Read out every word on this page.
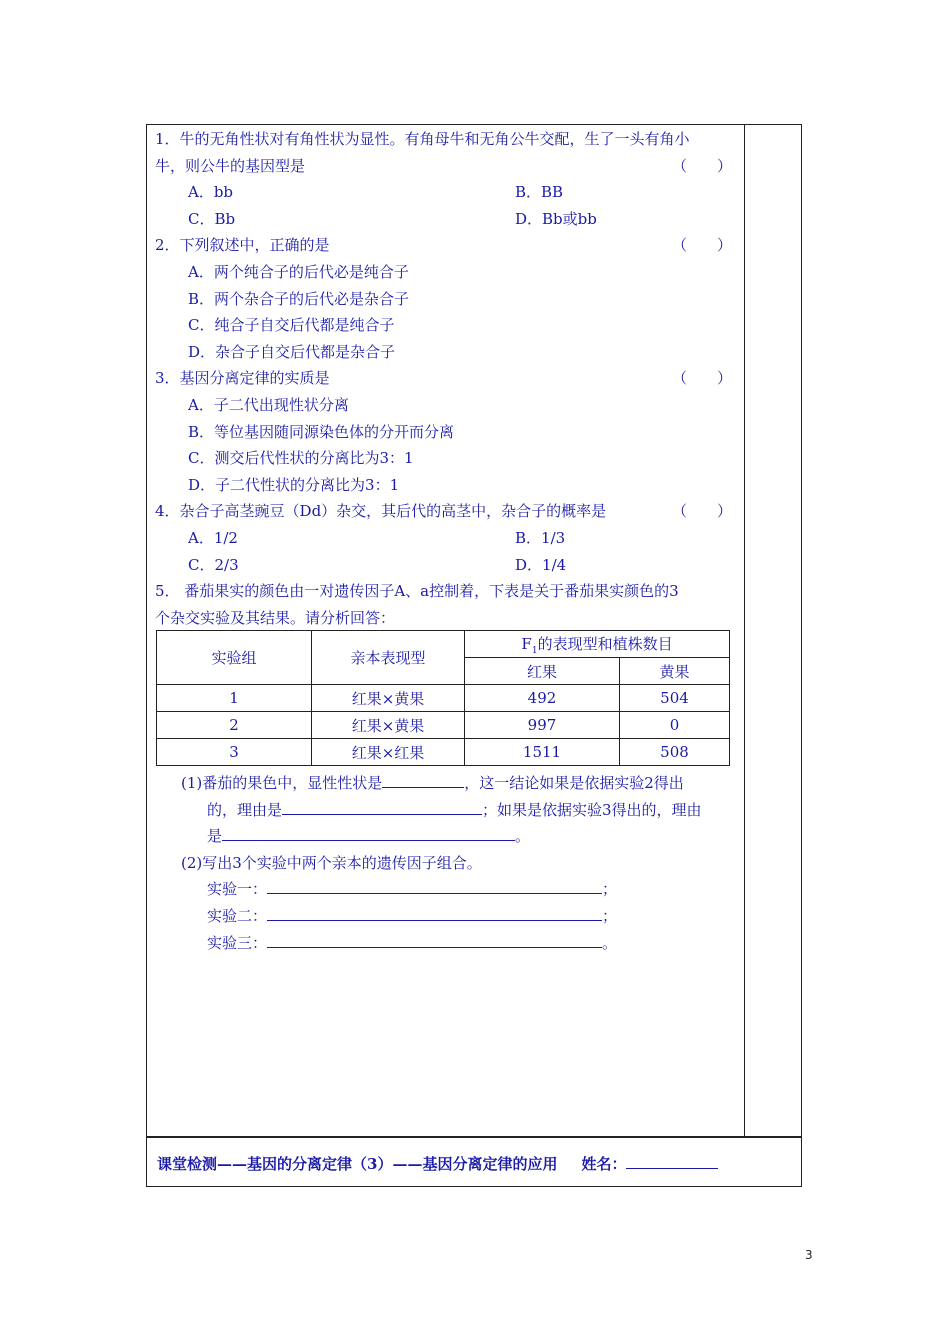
1．牛的无角性状对有角性状为显性。有角母牛和无角公牛交配，生了一头有角小
牛，则公牛的基因型是	（　　）
A．bb	B．BB
C．Bb	D．Bb或bb
2．下列叙述中，正确的是	（　　）
A．两个纯合子的后代必是纯合子
B．两个杂合子的后代必是杂合子
C．纯合子自交后代都是纯合子
D．杂合子自交后代都是杂合子
3．基因分离定律的实质是	（　　）
A．子二代出现性状分离
B．等位基因随同源染色体的分开而分离
C．测交后代性状的分离比为3：1
D．子二代性状的分离比为3：1
4．杂合子高茎豌豆（Dd）杂交，其后代的高茎中，杂合子的概率是	（　　）
A．1/2	B．1/3
C．2/3	D．1/4
5． 番茄果实的颜色由一对遗传因子A、a控制着，下表是关于番茄果实颜色的3
个杂交实验及其结果。请分析回答：
实验组	亲本表现型	$F_1$的表现型和植株数目	
		红果	黄果
1	红果×黄果	492	504
2	红果×黄果	997	0
3	红果×红果	1511	508
(1)番茄的果色中，显性性状是	，这一结论如果是依据实验2得出
的，理由是	；如果是依据实验3得出的，理由
是	。
(2)写出3个实验中两个亲本的遗传因子组合。
实验一：	；
实验二：	；
实验三：	。
课堂检测——基因的分离定律（3）——基因分离定律的应用 姓名：
3
